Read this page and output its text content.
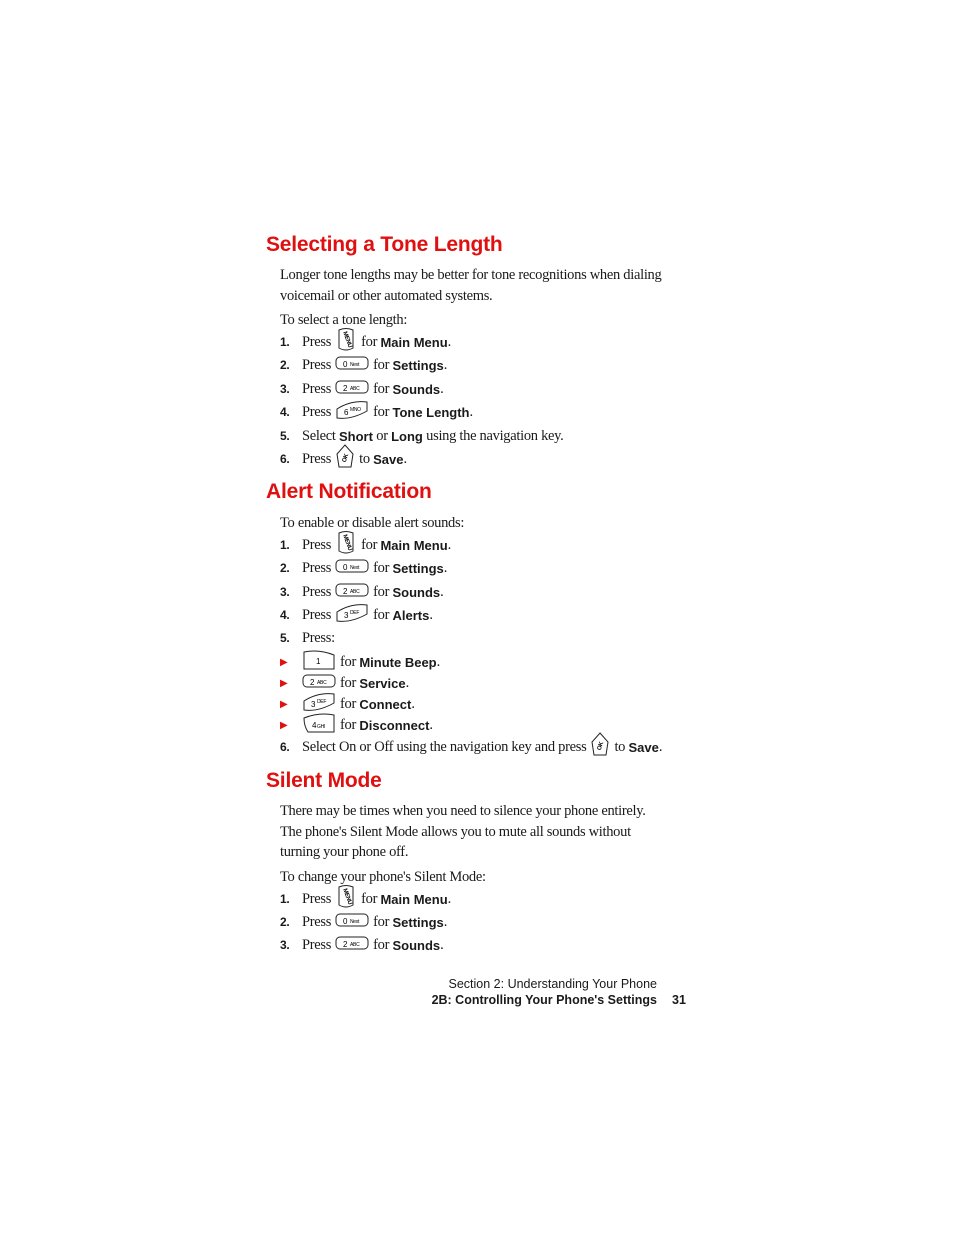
Selecting a Tone Length

Longer tone lengths may be better for tone recognitions when dialing voicemail or other automated systems.

To select a tone length:

1. Press MENU for
Main Menu .
2. Press 0 Next for
Settings .
3. Press 2 ABC for
Sounds .
4. Press 6 MNO for
Tone Length .
5. Select
Short
or
Long
using the navigation key.
6. Press OK to
Save .
Alert Notification

To enable or disable alert sounds:

1. Press MENU for
Main Menu .
2. Press 0 Next for
Settings .
3. Press 2 ABC for
Sounds .
4. Press 3 DEF for
Alerts .
5. Press:
▶	1 for
Minute Beep .
▶	2 ABC for
Service .
▶	3 DEF for
Connect .
▶	4 GHI for
Disconnect .
6. Select On or Off using the navigation key and press OK to
Save .
Silent Mode

There may be times when you need to silence your phone entirely. The phone's Silent Mode allows you to mute all sounds without turning your phone off.

To change your phone's Silent Mode:

1. Press MENU for
Main Menu .
2. Press 0 Next for
Settings .
3. Press 2 ABC for
Sounds .
Section 2: Understanding Your Phone
2B: Controlling Your Phone's Settings 31
